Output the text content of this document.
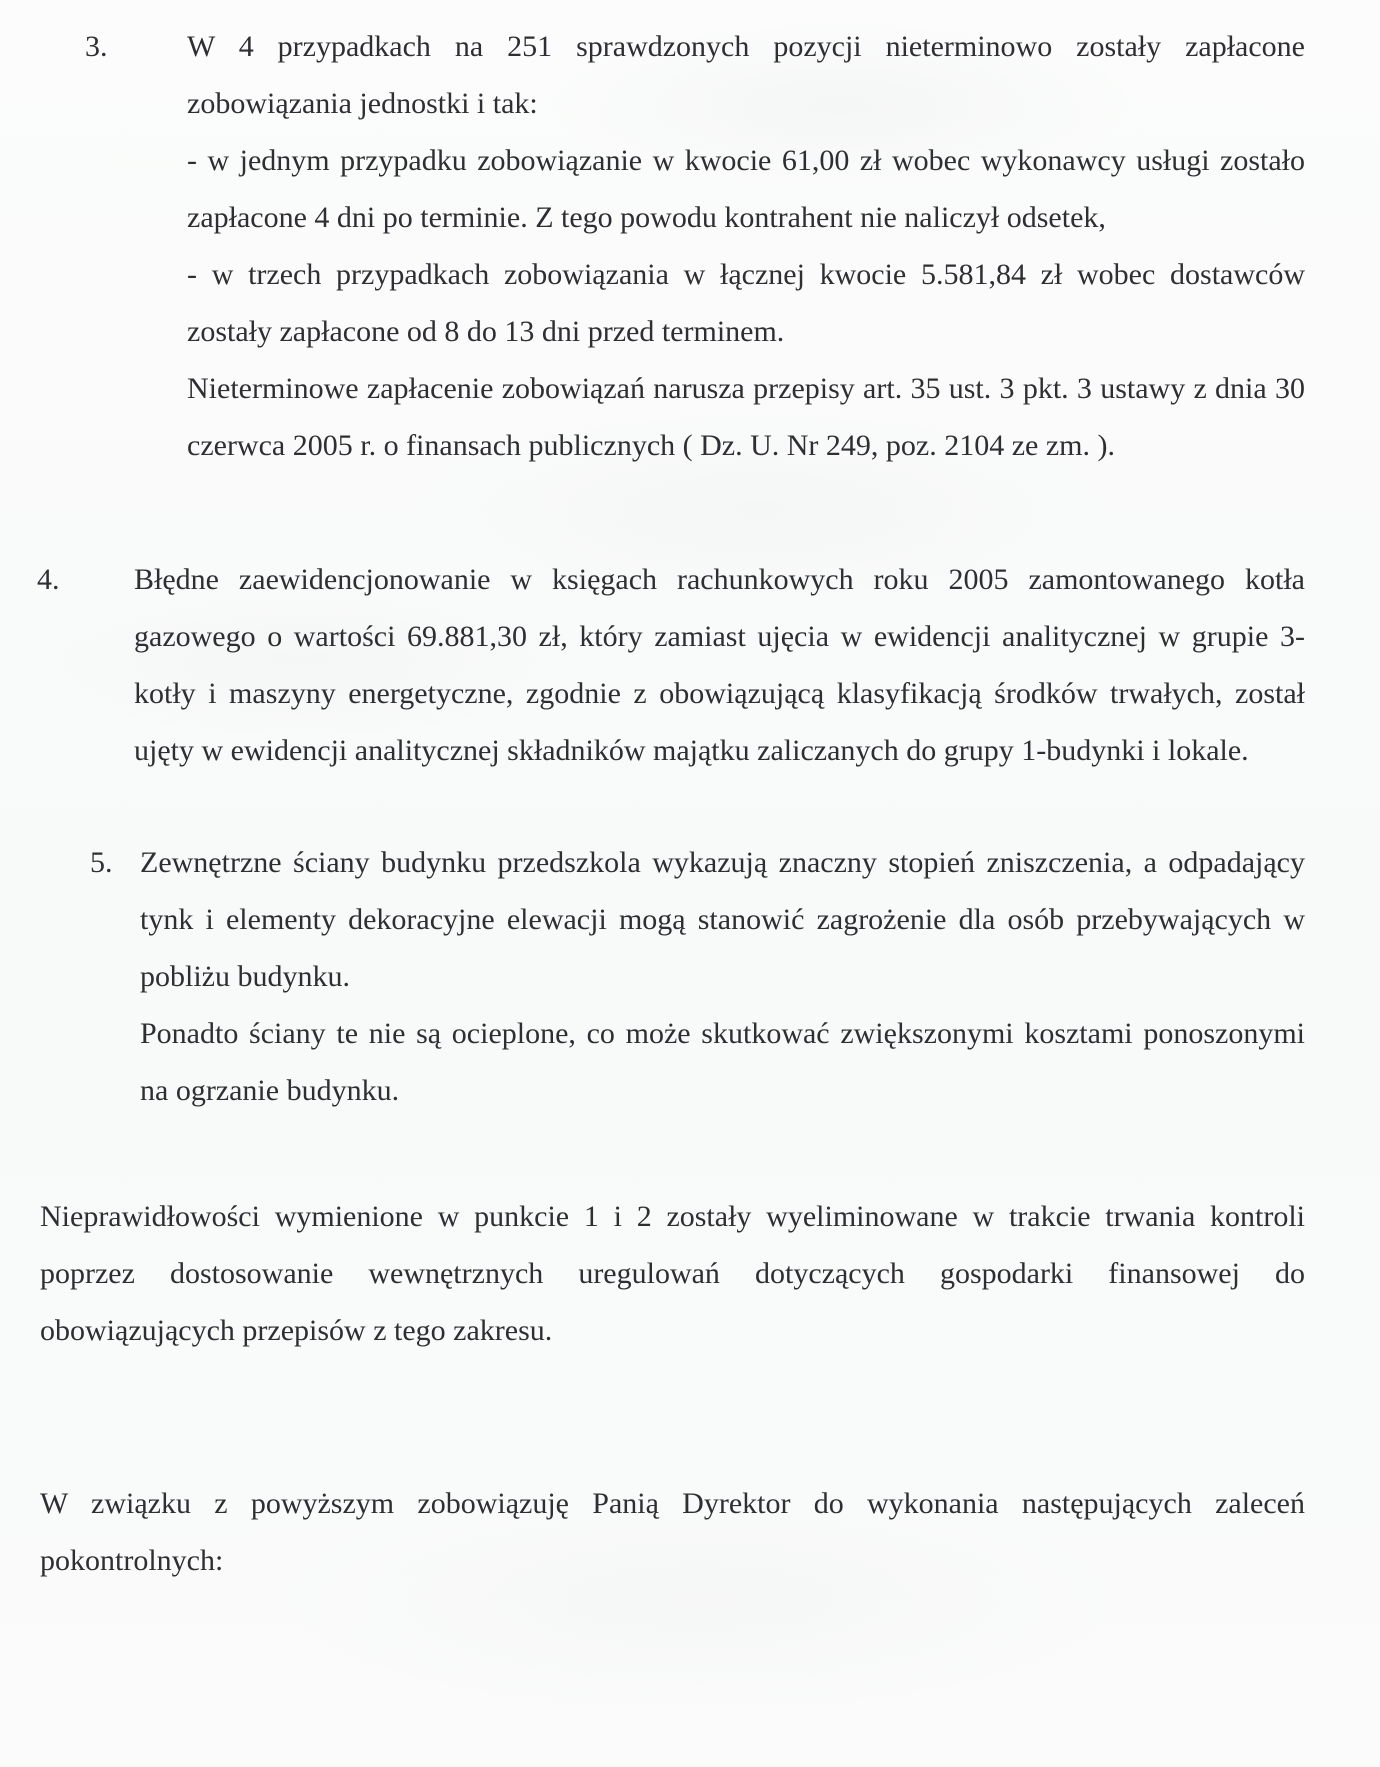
3.	W 4 przypadkach na 251 sprawdzonych pozycji nieterminowo zostały zapłacone zobowiązania jednostki i tak:

- w jednym przypadku zobowiązanie w kwocie 61,00 zł wobec wykonawcy usługi zostało zapłacone 4 dni po terminie. Z tego powodu kontrahent nie naliczył odsetek,

- w trzech przypadkach zobowiązania w łącznej kwocie 5.581,84 zł wobec dostawców zostały zapłacone od 8 do 13 dni przed terminem.

Nieterminowe zapłacenie zobowiązań narusza przepisy art. 35 ust. 3 pkt. 3 ustawy z dnia 30 czerwca 2005 r. o finansach publicznych ( Dz. U. Nr 249, poz. 2104 ze zm. ).

4.	Błędne zaewidencjonowanie w księgach rachunkowych roku 2005 zamontowanego kotła gazowego o wartości 69.881,30 zł, który zamiast ujęcia w ewidencji analitycznej w grupie 3-kotły i maszyny energetyczne, zgodnie z obowiązującą klasyfikacją środków trwałych, został ujęty w ewidencji analitycznej składników majątku zaliczanych do grupy 1-budynki i lokale.

5. Zewnętrzne ściany budynku przedszkola wykazują znaczny stopień zniszczenia, a odpadający tynk i elementy dekoracyjne elewacji mogą stanowić zagrożenie dla osób przebywających w pobliżu budynku.

Ponadto ściany te nie są ocieplone, co może skutkować zwiększonymi kosztami ponoszonymi na ogrzanie budynku.

Nieprawidłowości wymienione w punkcie 1 i 2 zostały wyeliminowane w trakcie trwania kontroli poprzez dostosowanie wewnętrznych uregulowań dotyczących gospodarki finansowej do obowiązujących przepisów z tego zakresu.

W związku z powyższym zobowiązuję Panią Dyrektor do wykonania następujących zaleceń pokontrolnych:
